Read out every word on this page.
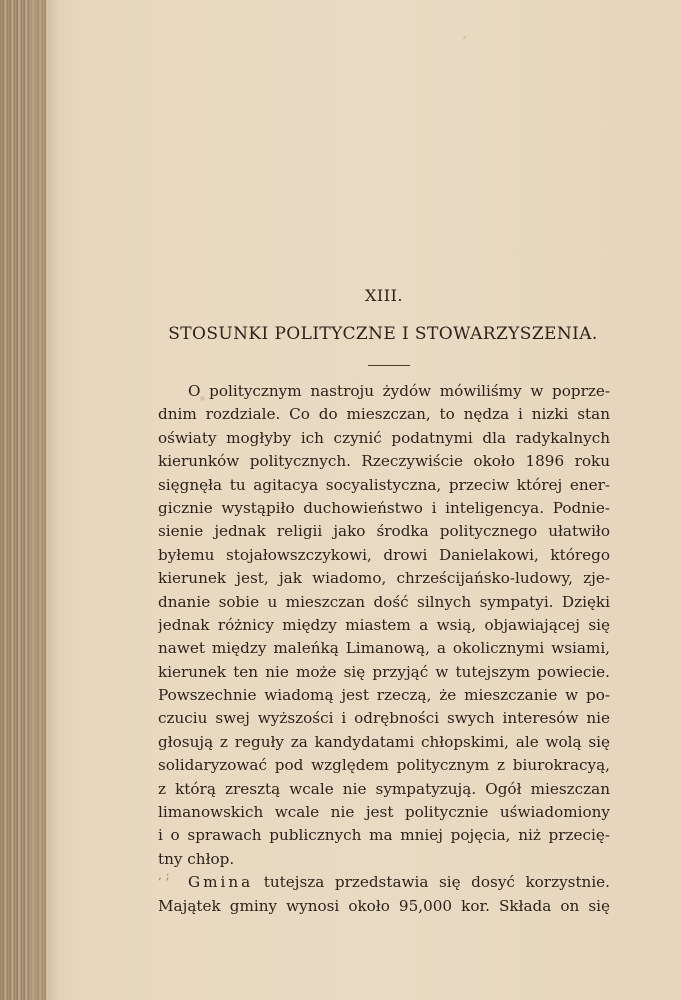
‚ ;
XIII.
STOSUNKI POLITYCZNE I STOWARZYSZENIA.
O politycznym nastroju żydów mówiliśmy w poprze-
dnim rozdziale. Co do mieszczan, to nędza i nizki stan
oświaty mogłyby ich czynić podatnymi dla radykalnych
kierunków politycznych. Rzeczywiście około 1896 roku
sięgnęła tu agitacya socyalistyczna, przeciw której ener-
gicznie wystąpiło duchowieństwo i inteligencya. Podnie-
sienie jednak religii jako środka politycznego ułatwiło
byłemu stojałowszczykowi, drowi Danielakowi, którego
kierunek jest, jak wiadomo, chrześcijańsko-ludowy, zje-
dnanie sobie u mieszczan dość silnych sympatyi. Dzięki
jednak różnicy między miastem a wsią, objawiającej się
nawet między maleńką Limanową, a okolicznymi wsiami,
kierunek ten nie może się przyjąć w tutejszym powiecie.
Powszechnie wiadomą jest rzeczą, że mieszczanie w po-
czuciu swej wyższości i odrębności swych interesów nie
głosują z reguły za kandydatami chłopskimi, ale wolą się
solidaryzować pod względem politycznym z biurokracyą,
z którą zresztą wcale nie sympatyzują. Ogół mieszczan
limanowskich wcale nie jest politycznie uświadomiony
i o sprawach publicznych ma mniej pojęcia, niż przecię-
tny chłop.
Gmina tutejsza przedstawia się dosyć korzystnie.
Majątek gminy wynosi około 95,000 kor. Składa on się
